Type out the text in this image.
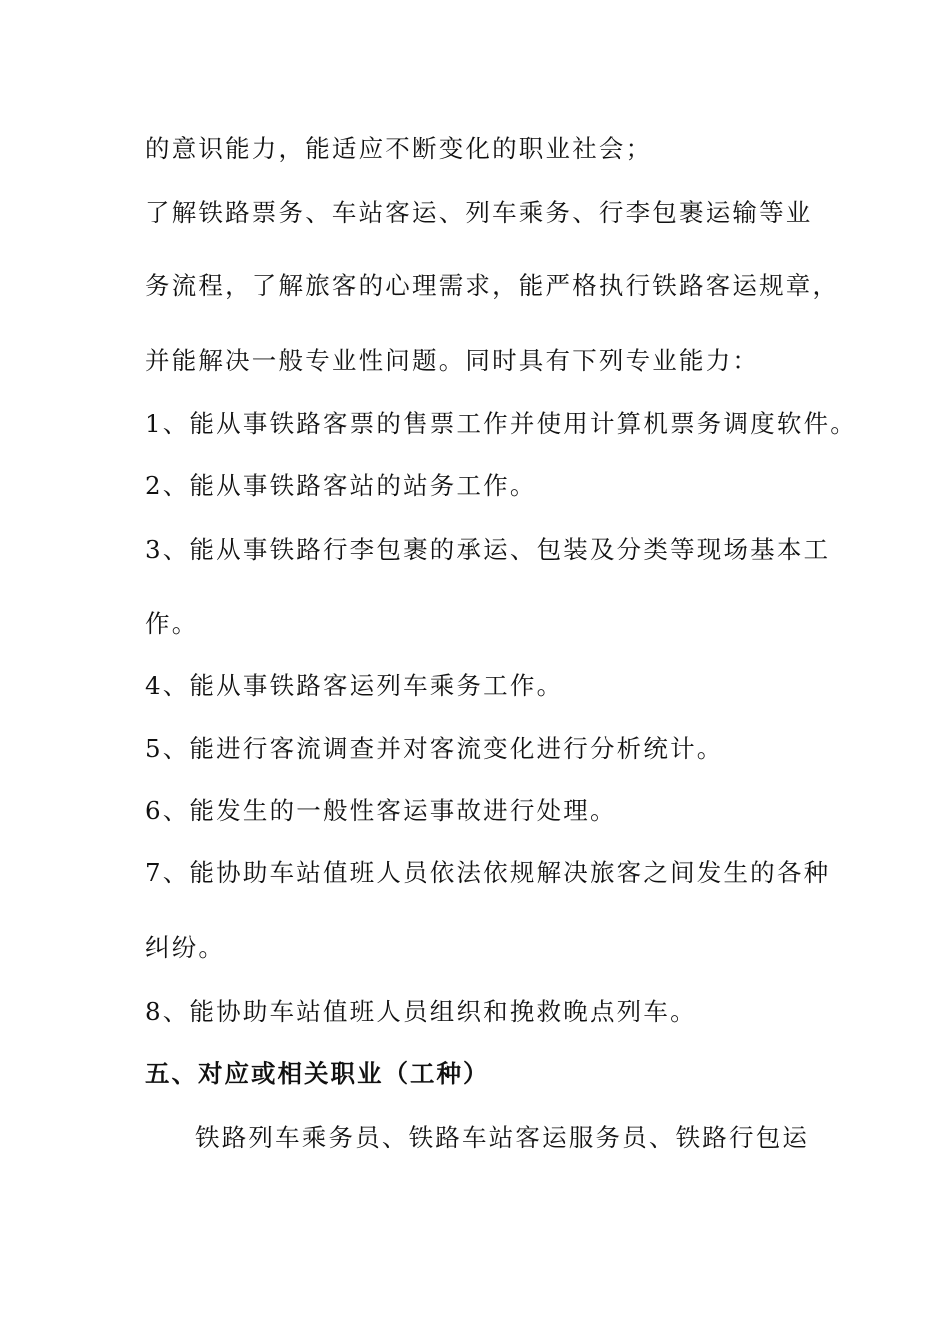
的意识能力，能适应不断变化的职业社会；
了解铁路票务、车站客运、列车乘务、行李包裹运输等业
务流程，了解旅客的心理需求，能严格执行铁路客运规章，
并能解决一般专业性问题。同时具有下列专业能力：
1、能从事铁路客票的售票工作并使用计算机票务调度软件。
2、能从事铁路客站的站务工作。
3、能从事铁路行李包裹的承运、包装及分类等现场基本工
作。
4、能从事铁路客运列车乘务工作。
5、能进行客流调查并对客流变化进行分析统计。
6、能发生的一般性客运事故进行处理。
7、能协助车站值班人员依法依规解决旅客之间发生的各种
纠纷。
8、能协助车站值班人员组织和挽救晚点列车。
五、对应或相关职业（工种）
铁路列车乘务员、铁路车站客运服务员、铁路行包运
